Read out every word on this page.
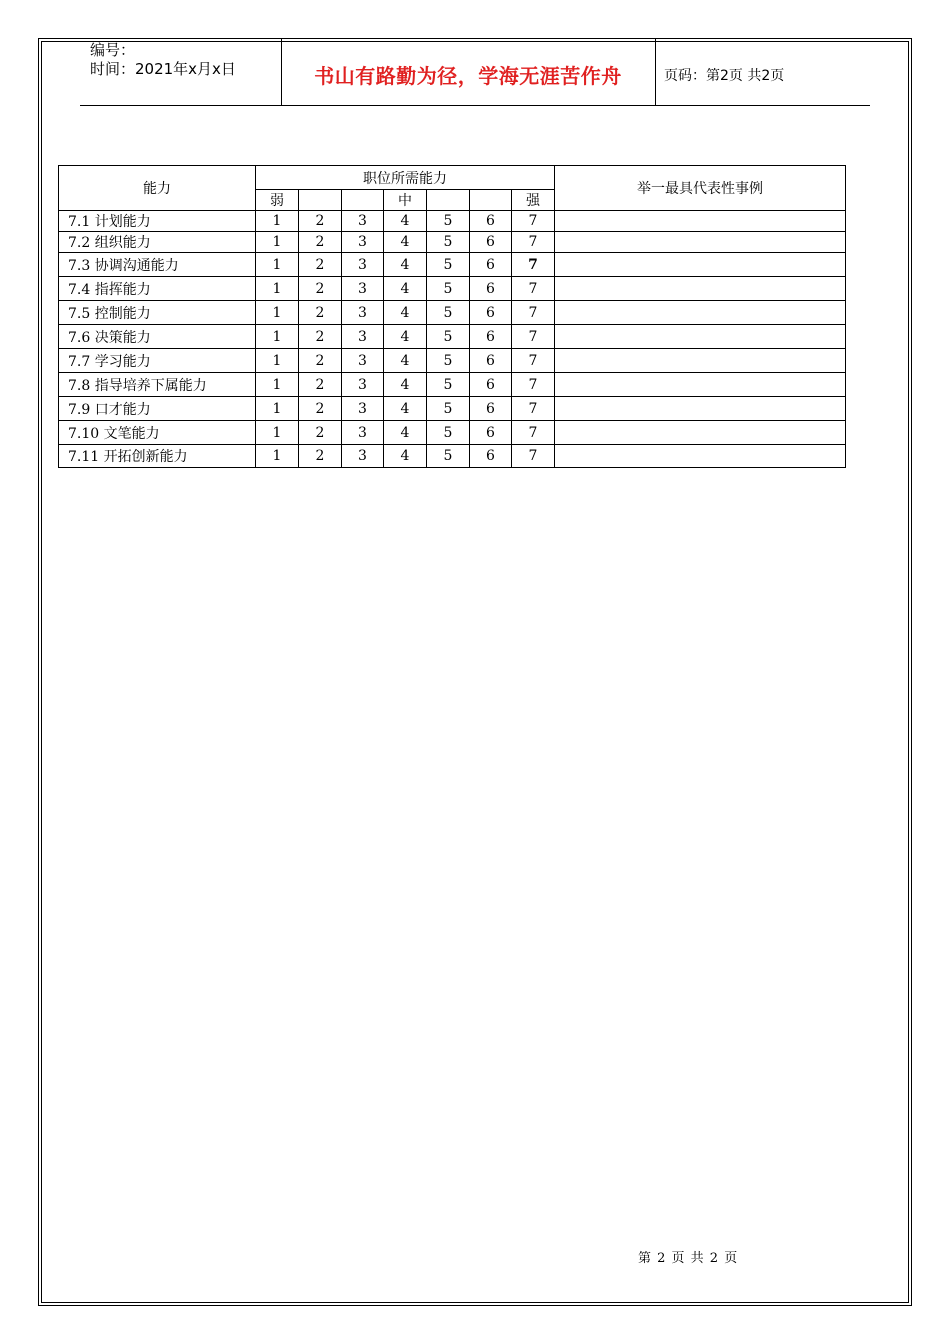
编号：
时间：2021年x月x日	书山有路勤为径，学海无涯苦作舟	页码：第2页 共2页
能力	职位所需能力							举一最具代表性事例
	弱			中			强	
7.1 计划能力	1	2	3	4	5	6	7	
7.2 组织能力	1	2	3	4	5	6	7	
7.3 协调沟通能力	1	2	3	4	5	6	7	
7.4 指挥能力	1	2	3	4	5	6	7	
7.5 控制能力	1	2	3	4	5	6	7	
7.6 决策能力	1	2	3	4	5	6	7	
7.7 学习能力	1	2	3	4	5	6	7	
7.8 指导培养下属能力	1	2	3	4	5	6	7	
7.9 口才能力	1	2	3	4	5	6	7	
7.10 文笔能力	1	2	3	4	5	6	7	
7.11 开拓创新能力	1	2	3	4	5	6	7	
第 2 页 共 2 页
